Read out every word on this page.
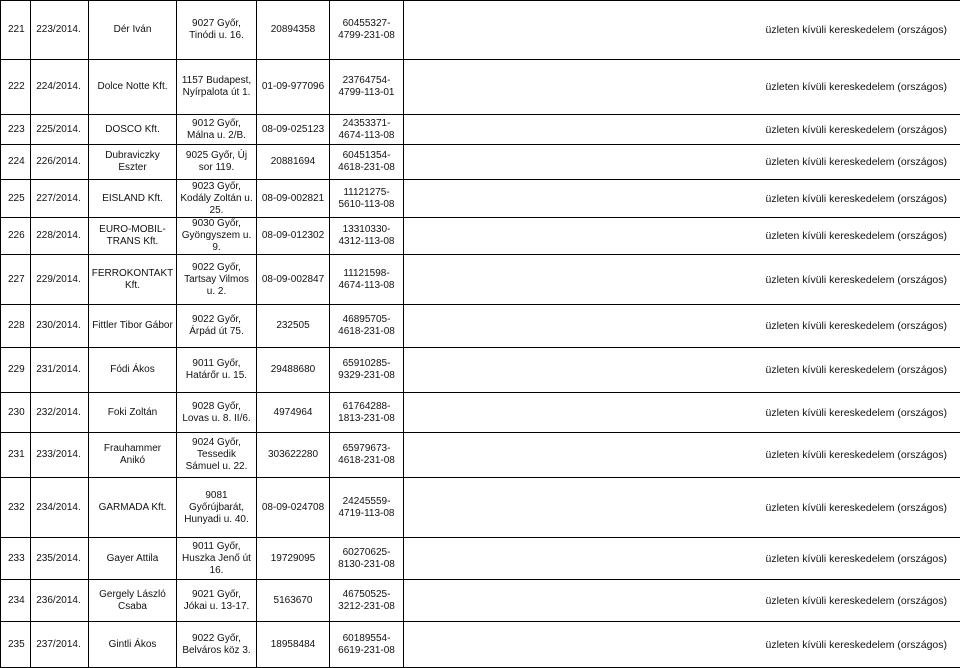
221	223/2014.	Dér Iván	9027 Győr, Tinódi u. 16.	20894358	60455327-4799-231-08	üzleten kívüli kereskedelem (országos)
222	224/2014.	Dolce Notte Kft.	1157 Budapest, Nyírpalota út 1.	01-09-977096	23764754-4799-113-01	üzleten kívüli kereskedelem (országos)
223	225/2014.	DOSCO Kft.	9012 Győr, Málna u. 2/B.	08-09-025123	24353371-4674-113-08	üzleten kívüli kereskedelem (országos)
224	226/2014.	Dubraviczky Eszter	9025 Győr, Új sor 119.	20881694	60451354-4618-231-08	üzleten kívüli kereskedelem (országos)
225	227/2014.	EISLAND Kft.	9023 Győr, Kodály Zoltán u. 25.	08-09-002821	11121275-5610-113-08	üzleten kívüli kereskedelem (országos)
226	228/2014.	EURO-MOBIL-TRANS Kft.	9030 Győr, Gyöngyszem u. 9.	08-09-012302	13310330-4312-113-08	üzleten kívüli kereskedelem (országos)
227	229/2014.	FERROKONTAKT Kft.	9022 Győr, Tartsay Vilmos u. 2.	08-09-002847	11121598-4674-113-08	üzleten kívüli kereskedelem (országos)
228	230/2014.	Fittler Tibor Gábor	9022 Győr, Árpád út 75.	232505	46895705-4618-231-08	üzleten kívüli kereskedelem (országos)
229	231/2014.	Fódi Ákos	9011 Győr, Határőr u. 15.	29488680	65910285-9329-231-08	üzleten kívüli kereskedelem (országos)
230	232/2014.	Foki Zoltán	9028 Győr, Lovas u. 8. II/6.	4974964	61764288-1813-231-08	üzleten kívüli kereskedelem (országos)
231	233/2014.	Frauhammer Anikó	9024 Győr, Tessedik Sámuel u. 22.	303622280	65979673-4618-231-08	üzleten kívüli kereskedelem (országos)
232	234/2014.	GARMADA Kft.	9081 Győrújbarát, Hunyadi u. 40.	08-09-024708	24245559-4719-113-08	üzleten kívüli kereskedelem (országos)
233	235/2014.	Gayer Attila	9011 Győr, Huszka Jenő út 16.	19729095	60270625-8130-231-08	üzleten kívüli kereskedelem (országos)
234	236/2014.	Gergely László Csaba	9021 Győr, Jókai u. 13-17.	5163670	46750525-3212-231-08	üzleten kívüli kereskedelem (országos)
235	237/2014.	Gintli Ákos	9022 Győr, Belváros köz 3.	18958484	60189554-6619-231-08	üzleten kívüli kereskedelem (országos)
